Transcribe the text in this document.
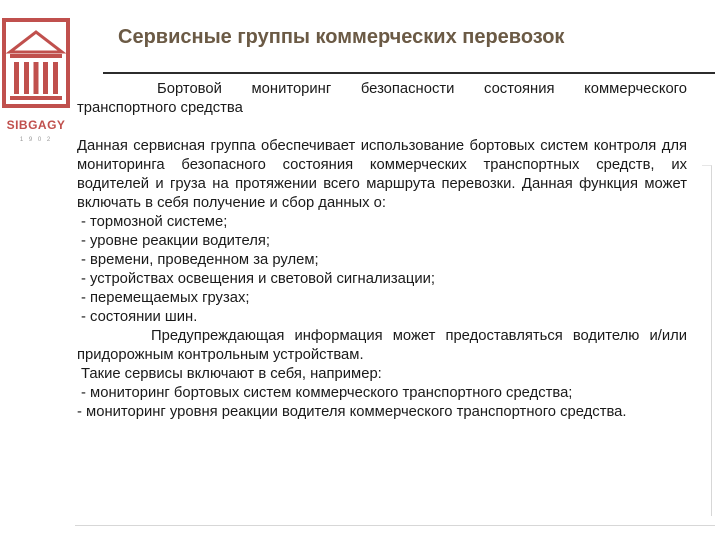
SIBGAGY
1 9 0 2
Сервисные группы коммерческих перевозок

Бортовой мониторинг безопасности состояния коммерческого транспортного средства

Данная сервисная группа обеспечивает использование бортовых систем контроля для мониторинга безопасного состояния коммерческих транспортных средств, их водителей и груза на протяжении всего маршрута перевозки. Данная функция может включать в себя получение и сбор данных о:

- тормозной системе;

- уровне реакции водителя;

- времени, проведенном за рулем;

- устройствах освещения и световой сигнализации;

- перемещаемых грузах;

- состоянии шин.

Предупреждающая информация может предоставляться водителю и/или придорожным контрольным устройствам.

Такие сервисы включают в себя, например:

- мониторинг бортовых систем коммерческого транспортного средства;

- мониторинг уровня реакции водителя коммерческого транспортного средства.
